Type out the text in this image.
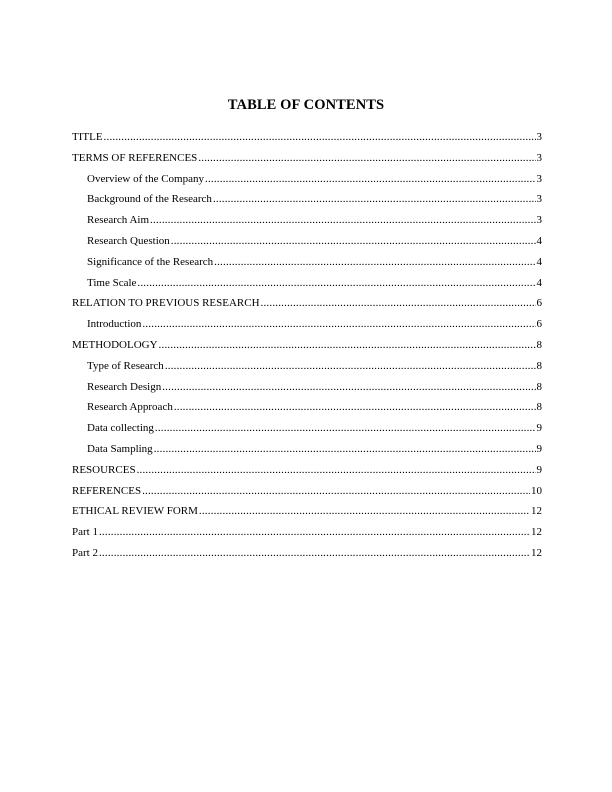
TABLE OF CONTENTS
TITLE .....	3
TERMS OF REFERENCES .....	3
Overview of the Company .....	3
Background of the Research .....	3
Research Aim .....	3
Research Question .....	4
Significance of the Research .....	4
Time Scale .....	4
RELATION TO PREVIOUS RESEARCH .....	6
Introduction .....	6
METHODOLOGY .....	8
Type of Research .....	8
Research Design .....	8
Research Approach .....	8
Data collecting .....	9
Data Sampling .....	9
RESOURCES .....	9
REFERENCES .....	10
ETHICAL REVIEW FORM .....	12
Part 1 .....	12
Part 2 .....	12
